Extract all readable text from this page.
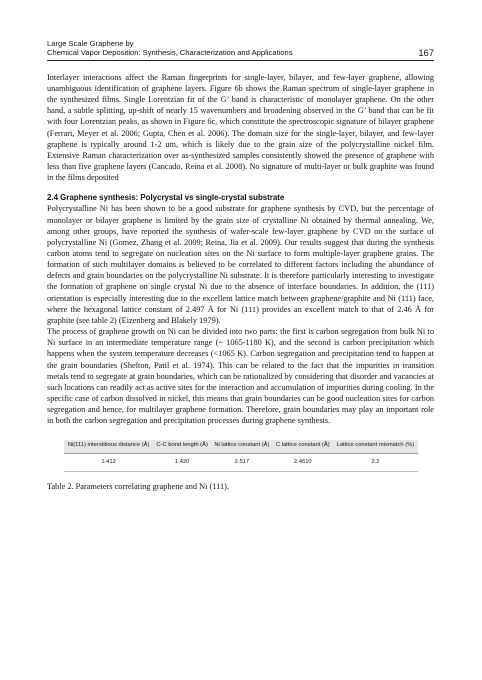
Large Scale Graphene by
Chemical Vapor Deposition: Synthesis, Characterization and Applications	167

Interlayer interactions affect the Raman fingerprints for single-layer, bilayer, and few-layer graphene, allowing unambiguous identification of graphene layers. Figure 6b shows the Raman spectrum of single-layer graphene in the synthesized films. Single Lorentzian fit of the G’ band is characteristic of monolayer graphene. On the other hand, a subtle splitting, up-shift of nearly 15 wavenumbers and broadening observed in the G’ band that can be fit with four Lorentzian peaks, as shown in Figure 6c, which constitute the spectroscopic signature of bilayer graphene (Ferrari, Meyer et al. 2006; Gupta, Chen et al. 2006). The domain size for the single-layer, bilayer, and few-layer graphene is typically around 1-2 um, which is likely due to the grain size of the polycrystalline nickel film. Extensive Raman characterization over as-synthesized samples consistently showed the presence of graphene with less than five graphene layers (Cancado, Reina et al. 2008). No signature of multi-layer or bulk graphite was found in the films deposited

2.4 Graphene synthesis: Polycrystal vs single-crystal substrate

Polycrystalline Ni has been shown to be a good substrate for graphene synthesis by CVD, but the percentage of monolayer or bilayer graphene is limited by the grain size of crystalline Ni obtained by thermal annealing. We, among other groups, have reported the synthesis of wafer-scale few-layer graphene by CVD on the surface of polycrystalline Ni (Gomez, Zhang et al. 2009; Reina, Jia et al. 2009). Our results suggest that during the synthesis carbon atoms tend to segregate on nucleation sites on the Ni surface to form multiple-layer graphene grains. The formation of such multilayer domains is believed to be correlated to different factors including the abundance of defects and grain boundaries on the polycrystalline Ni substrate. It is therefore particularly interesting to investigate the formation of graphene on single crystal Ni due to the absence of interface boundaries. In addition, the (111) orientation is especially interesting due to the excellent lattice match between graphene/graphite and Ni (111) face, where the hexagonal lattice constant of 2.497 Å for Ni (111) provides an excellent match to that of 2.46 Å for graphite (see table 2) (Eizenberg and Blakely 1979).

The process of graphene growth on Ni can be divided into two parts: the first is carbon segregation from bulk Ni to Ni surface in an intermediate temperature range (~ 1065-1180 K), and the second is carbon precipitation which happens when the system temperature decreases (<1065 K). Carbon segregation and precipitation tend to happen at the grain boundaries (Shelton, Patil et al. 1974). This can be related to the fact that the impurities in transition metals tend to segregate at grain boundaries, which can be rationalized by considering that disorder and vacancies at such locations can readily act as active sites for the interaction and accumulation of impurities during cooling. In the specific case of carbon dissolved in nickel, this means that grain boundaries can be good nucleation sites for carbon segregation and hence, for multilayer graphene formation. Therefore, grain boundaries may play an important role in both the carbon segregation and precipitation processes during graphene synthesis.

Ni(111) interstitious distance (Å)	C-C bond length (Å)	Ni lattice constant (Å)	C lattice constant (Å)	Lattice constant mismatch (%)
1.412	1.420	2.517	2.4610	2.2
Table 2. Parameters correlating graphene and Ni (111).
